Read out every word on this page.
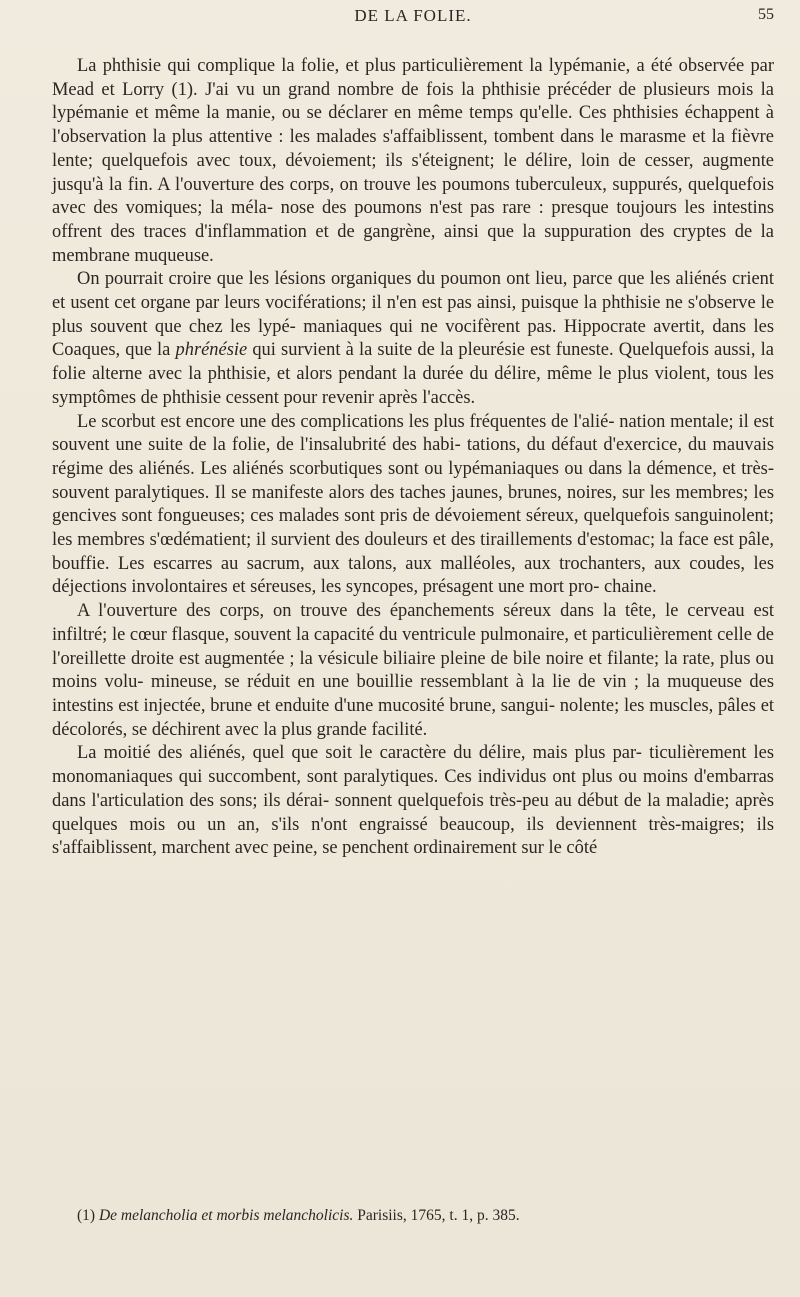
DE LA FOLIE.	55

La phthisie qui complique la folie, et plus particulièrement la lypémanie, a été observée par Mead et Lorry (1). J'ai vu un grand nombre de fois la phthisie précéder de plusieurs mois la lypémanie et même la manie, ou se déclarer en même temps qu'elle. Ces phthisies échappent à l'observation la plus attentive : les malades s'affaiblissent, tombent dans le marasme et la fièvre lente; quelquefois avec toux, dévoiement; ils s'éteignent; le délire, loin de cesser, augmente jusqu'à la fin. A l'ouverture des corps, on trouve les poumons tuberculeux, suppurés, quelquefois avec des vomiques; la méla- nose des poumons n'est pas rare : presque toujours les intestins offrent des traces d'inflammation et de gangrène, ainsi que la suppuration des cryptes de la membrane muqueuse.

On pourrait croire que les lésions organiques du poumon ont lieu, parce que les aliénés crient et usent cet organe par leurs vociférations; il n'en est pas ainsi, puisque la phthisie ne s'observe le plus souvent que chez les lypé- maniaques qui ne vocifèrent pas. Hippocrate avertit, dans les Coaques, que la phrénésie qui survient à la suite de la pleurésie est funeste. Quelquefois aussi, la folie alterne avec la phthisie, et alors pendant la durée du délire, même le plus violent, tous les symptômes de phthisie cessent pour revenir après l'accès.

Le scorbut est encore une des complications les plus fréquentes de l'alié- nation mentale; il est souvent une suite de la folie, de l'insalubrité des habi- tations, du défaut d'exercice, du mauvais régime des aliénés. Les aliénés scorbutiques sont ou lypémaniaques ou dans la démence, et très-souvent paralytiques. Il se manifeste alors des taches jaunes, brunes, noires, sur les membres; les gencives sont fongueuses; ces malades sont pris de dévoiement séreux, quelquefois sanguinolent; les membres s'œdématient; il survient des douleurs et des tiraillements d'estomac; la face est pâle, bouffie. Les escarres au sacrum, aux talons, aux malléoles, aux trochanters, aux coudes, les déjections involontaires et séreuses, les syncopes, présagent une mort pro- chaine.

A l'ouverture des corps, on trouve des épanchements séreux dans la tête, le cerveau est infiltré; le cœur flasque, souvent la capacité du ventricule pulmonaire, et particulièrement celle de l'oreillette droite est augmentée ; la vésicule biliaire pleine de bile noire et filante; la rate, plus ou moins volu- mineuse, se réduit en une bouillie ressemblant à la lie de vin ; la muqueuse des intestins est injectée, brune et enduite d'une mucosité brune, sangui- nolente; les muscles, pâles et décolorés, se déchirent avec la plus grande facilité.

La moitié des aliénés, quel que soit le caractère du délire, mais plus par- ticulièrement les monomaniaques qui succombent, sont paralytiques. Ces individus ont plus ou moins d'embarras dans l'articulation des sons; ils dérai- sonnent quelquefois très-peu au début de la maladie; après quelques mois ou un an, s'ils n'ont engraissé beaucoup, ils deviennent très-maigres; ils s'affaiblissent, marchent avec peine, se penchent ordinairement sur le côté

(1) De melancholia et morbis melancholicis. Parisiis, 1765, t. 1, p. 385.
